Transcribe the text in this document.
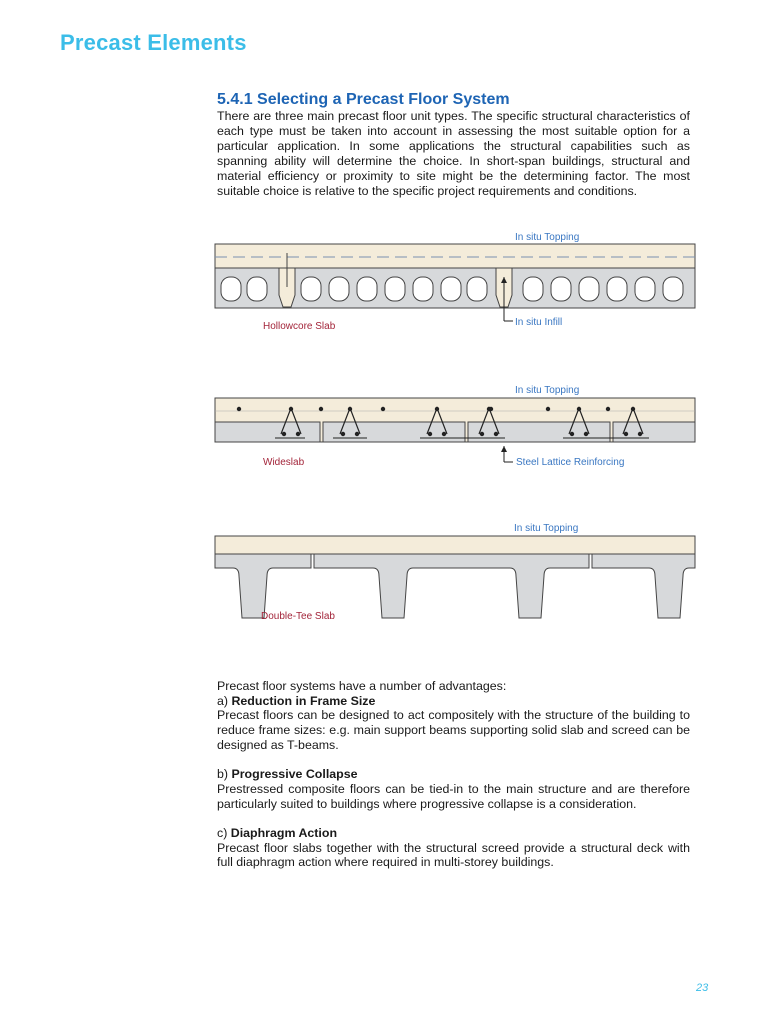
Precast Elements
5.4.1 Selecting a Precast Floor System

There are three main precast floor unit types. The specific structural characteristics of each type must be taken into account in assessing the most suitable option for a particular application. In some applications the structural capabilities such as spanning ability will determine the choice. In short-span buildings, structural and material efficiency or proximity to site might be the determining factor. The most suitable choice is relative to the specific project requirements and conditions.

In situ Topping
In situ Infill
Hollowcore Slab
In situ Topping
Steel Lattice Reinforcing
Wideslab
In situ Topping
Double-Tee Slab

Precast floor systems have a number of advantages:

a) Reduction in Frame Size

Precast floors can be designed to act compositely with the structure of the building to reduce frame sizes: e.g. main support beams supporting solid slab and screed can be designed as T-beams.

b) Progressive Collapse

Prestressed composite floors can be tied-in to the main structure and are therefore particularly suited to buildings where progressive collapse is a consideration.

c) Diaphragm Action

Precast floor slabs together with the structural screed provide a structural deck with full diaphragm action where required in multi-storey buildings.

23
